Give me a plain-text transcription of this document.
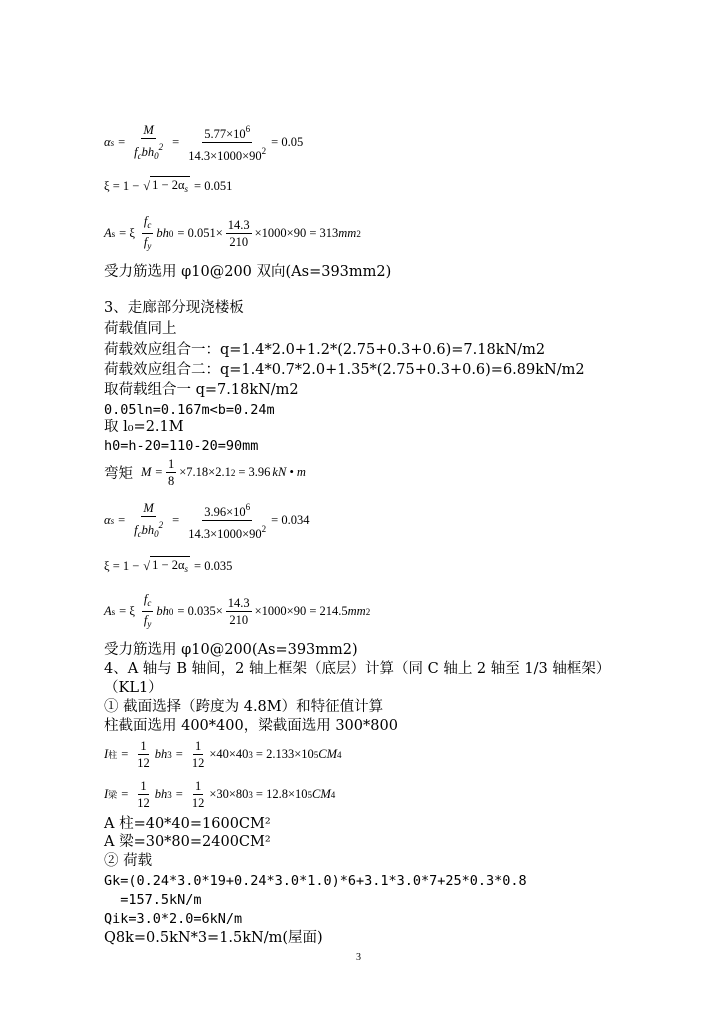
α $s = \frac{M}{f_cbh_0^2} = \frac{5.77\times 10^6}{14.3\times 1000\times 90^2} = 0.05$
ξ = 1 − √ $1 - 2\alpha_s = 0.051$
A s = ξ $\frac{f_c}{f_y}$ bh $0 = 0.051\times \frac{14.3}{210} \times 1000\times 90 = 313$ mm 2
受力筋选用 φ10@200 双向(As=393mm2)
3、走廊部分现浇楼板
荷载值同上
荷载效应组合一：q=1.4*2.0+1.2*(2.75+0.3+0.6)=7.18kN/m2
荷载效应组合二：q=1.4*0.7*2.0+1.35*(2.75+0.3+0.6)=6.89kN/m2
取荷载组合一 q=7.18kN/m2
0.05ln=0.167m<b=0.24m
取 l₀=2.1M
h0=h-20=110-20=90mm
弯矩 $M = \frac{1}{8} \times 7.18\times 2.1$ 2 = 3.96 kN • m
α $s = \frac{M}{f_cbh_0^2} = \frac{3.96\times 10^6}{14.3\times 1000\times 90^2} = 0.034$
ξ = 1 − √ $1 - 2\alpha_s = 0.035$
A s = ξ $\frac{f_c}{f_y}$ bh $0 = 0.035\times \frac{14.3}{210} \times 1000\times 90 = 214.5$ mm 2
受力筋选用 φ10@200(As=393mm2)
4、A 轴与 B 轴间，2 轴上框架（底层）计算（同 C 轴上 2 轴至 1/3 轴框架）
（KL1）
① 截面选择（跨度为 4.8M）和特征值计算
柱截面选用 400*400，梁截面选用 300*800
I 柱 = $\frac{1}{12}$ bh $3 = \frac{1}{12} \times 40\times 40$ 3 = 2.133×10 5 CM 4
I 梁 = $\frac{1}{12}$ bh $3 = \frac{1}{12} \times 30\times 80$ 3 = 12.8×10 5 CM 4
A 柱=40*40=1600CM²
A 梁=30*80=2400CM²
② 荷载
Gk=(0.24*3.0*19+0.24*3.0*1.0)*6+3.1*3.0*7+25*0.3*0.8
=157.5kN/m
Qik=3.0*2.0=6kN/m
Q8k=0.5kN*3=1.5kN/m(屋面)
3
